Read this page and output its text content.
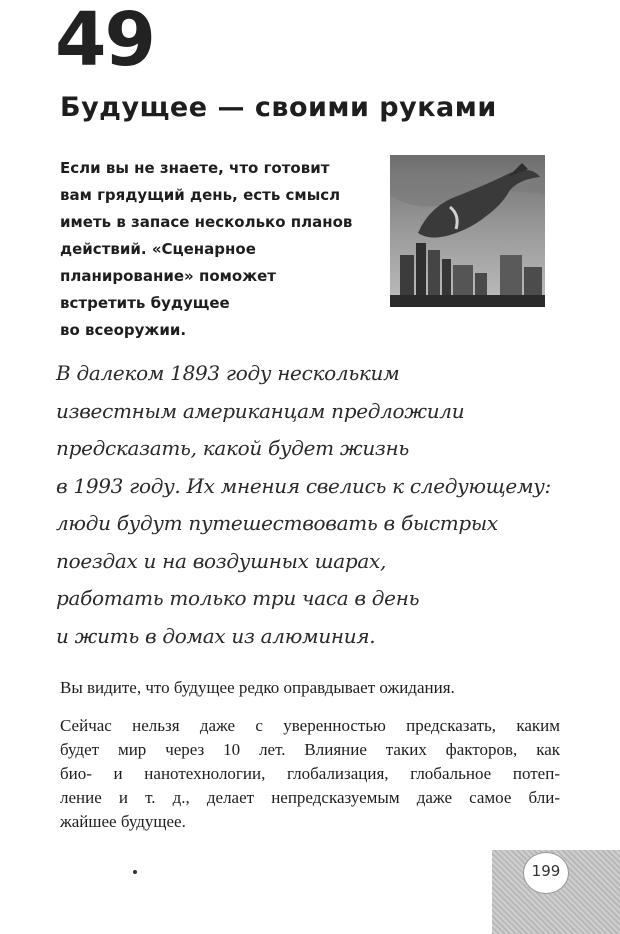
49
Будущее — своими руками
Если вы не знаете, что готовит
вам грядущий день, есть смысл
иметь в запасе несколько планов
действий. «Сценарное
планирование» поможет
встретить будущее
во всеоружии.
В далеком 1893 году нескольким
известным американцам предложили
предсказать, какой будет жизнь
в 1993 году. Их мнения свелись к следующему:
люди будут путешествовать в быстрых
поездах и на воздушных шарах,
работать только три часа в день
и жить в домах из алюминия.
Вы видите, что будущее редко оправдывает ожидания.
Сейчас нельзя даже с уверенностью предсказать, каким
будет мир через 10 лет. Влияние таких факторов, как
био- и нанотехнологии, глобализация, глобальное потеп-
ление и т. д., делает непредсказуемым даже самое бли-
жайшее будущее.
199
